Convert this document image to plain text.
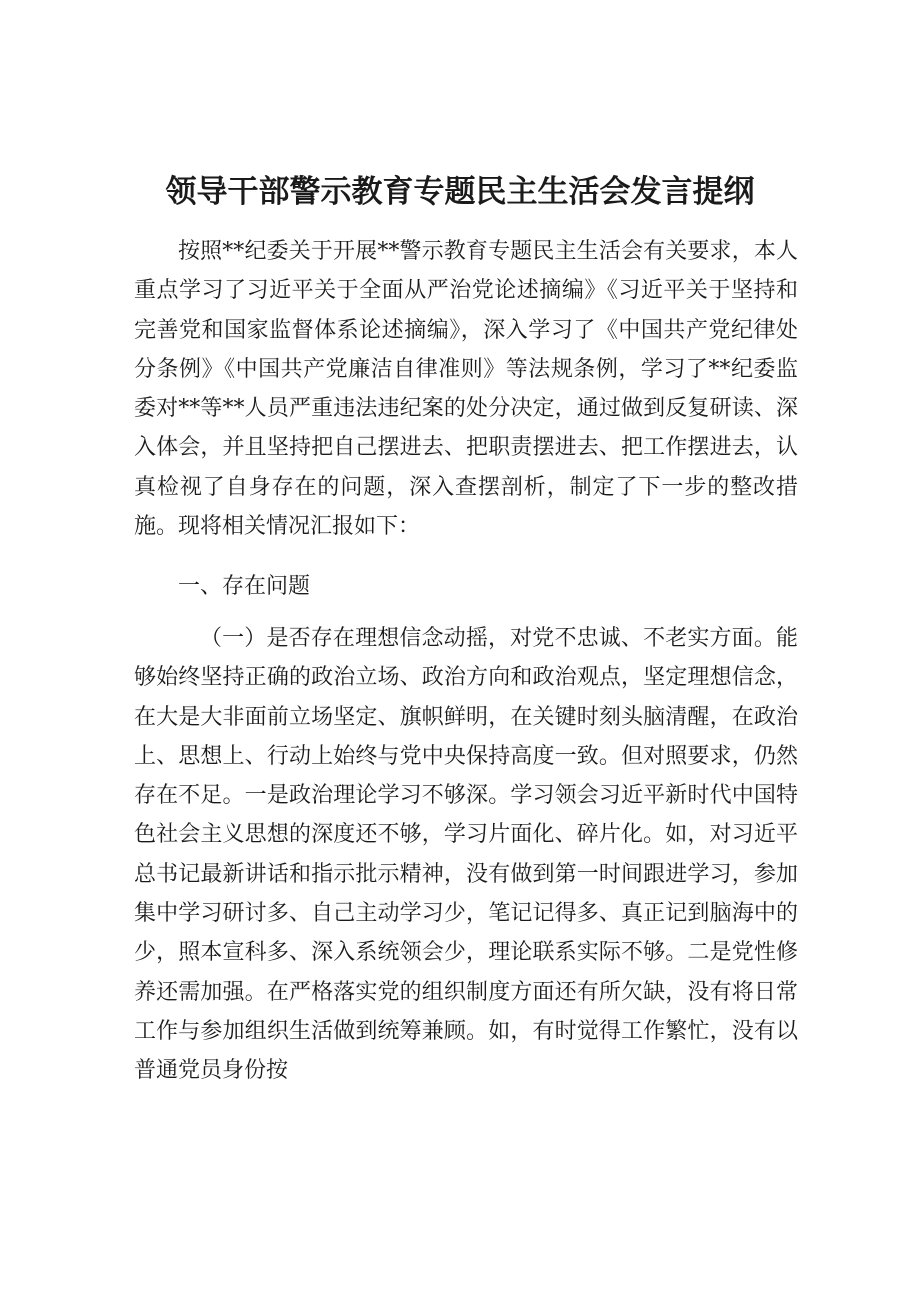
领导干部警示教育专题民主生活会发言提纲

按照**纪委关于开展**警示教育专题民主生活会有关要求，本人重点学习了习近平关于全面从严治党论述摘编》《习近平关于坚持和完善党和国家监督体系论述摘编》，深入学习了《中国共产党纪律处分条例》《中国共产党廉洁自律准则》等法规条例，学习了**纪委监委对**等**人员严重违法违纪案的处分决定，通过做到反复研读、深入体会，并且坚持把自己摆进去、把职责摆进去、把工作摆进去，认真检视了自身存在的问题，深入查摆剖析，制定了下一步的整改措施。现将相关情况汇报如下：

一、存在问题

（一）是否存在理想信念动摇，对党不忠诚、不老实方面。能够始终坚持正确的政治立场、政治方向和政治观点，坚定理想信念，在大是大非面前立场坚定、旗帜鲜明，在关键时刻头脑清醒，在政治上、思想上、行动上始终与党中央保持高度一致。但对照要求，仍然存在不足。一是政治理论学习不够深。学习领会习近平新时代中国特色社会主义思想的深度还不够，学习片面化、碎片化。如，对习近平总书记最新讲话和指示批示精神，没有做到第一时间跟进学习，参加集中学习研讨多、自己主动学习少，笔记记得多、真正记到脑海中的少，照本宣科多、深入系统领会少，理论联系实际不够。二是党性修养还需加强。在严格落实党的组织制度方面还有所欠缺，没有将日常工作与参加组织生活做到统筹兼顾。如，有时觉得工作繁忙，没有以普通党员身份按
